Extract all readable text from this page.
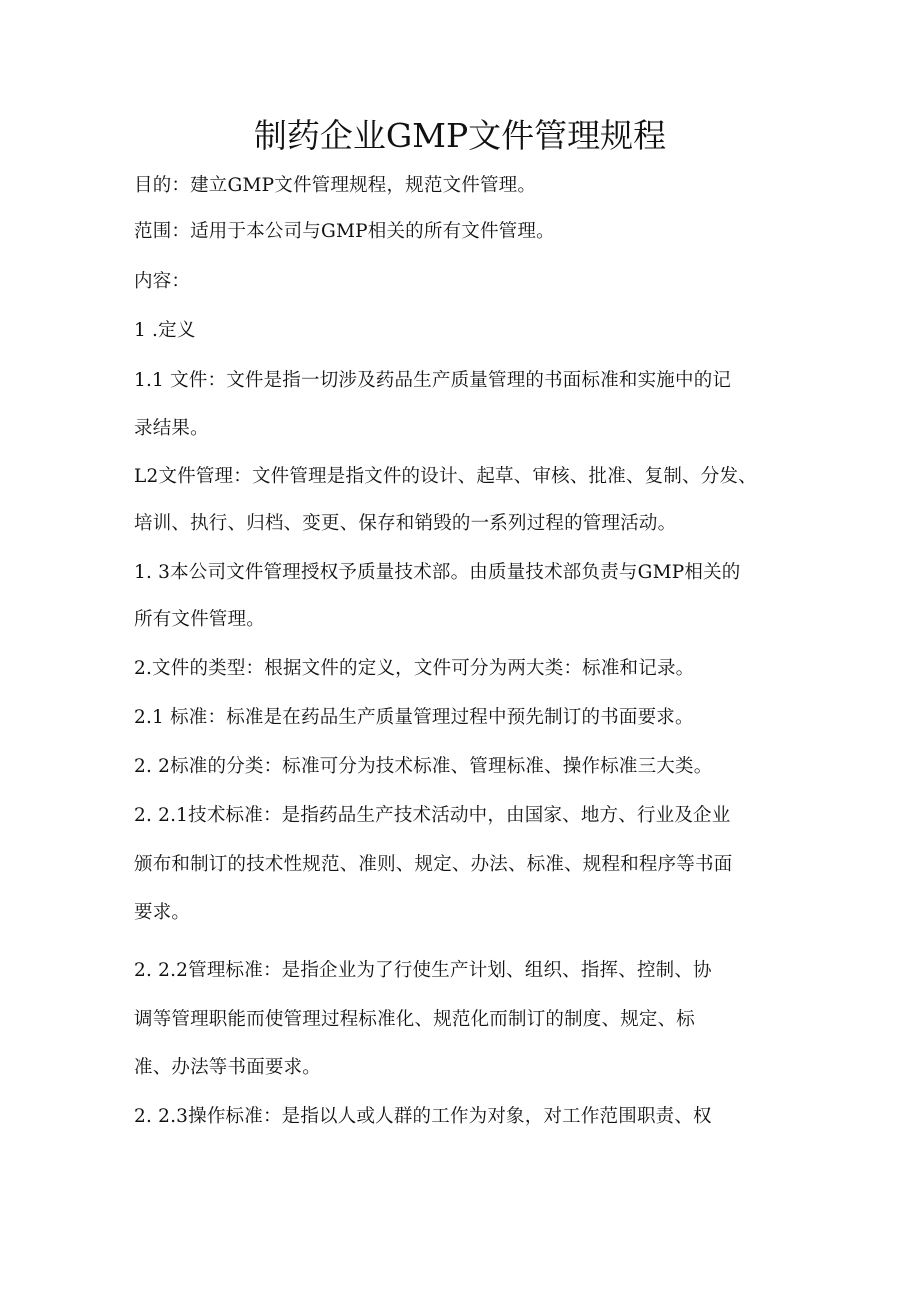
制药企业GMP文件管理规程

目的：建立GMP文件管理规程，规范文件管理。

范围：适用于本公司与GMP相关的所有文件管理。

内容：

1 .定义

1.1 文件：文件是指一切涉及药品生产质量管理的书面标准和实施中的记

录结果。

L2文件管理：文件管理是指文件的设计、起草、审核、批准、复制、分发、

培训、执行、归档、变更、保存和销毁的一系列过程的管理活动。

1. 3本公司文件管理授权予质量技术部。由质量技术部负责与GMP相关的

所有文件管理。

2.文件的类型：根据文件的定义，文件可分为两大类：标准和记录。

2.1 标准：标准是在药品生产质量管理过程中预先制订的书面要求。

2. 2标准的分类：标准可分为技术标准、管理标准、操作标准三大类。

2. 2.1技术标准：是指药品生产技术活动中，由国家、地方、行业及企业

颁布和制订的技术性规范、准则、规定、办法、标准、规程和程序等书面

要求。

2. 2.2管理标准：是指企业为了行使生产计划、组织、指挥、控制、协

调等管理职能而使管理过程标准化、规范化而制订的制度、规定、标

准、办法等书面要求。

2. 2.3操作标准：是指以人或人群的工作为对象，对工作范围职责、权
